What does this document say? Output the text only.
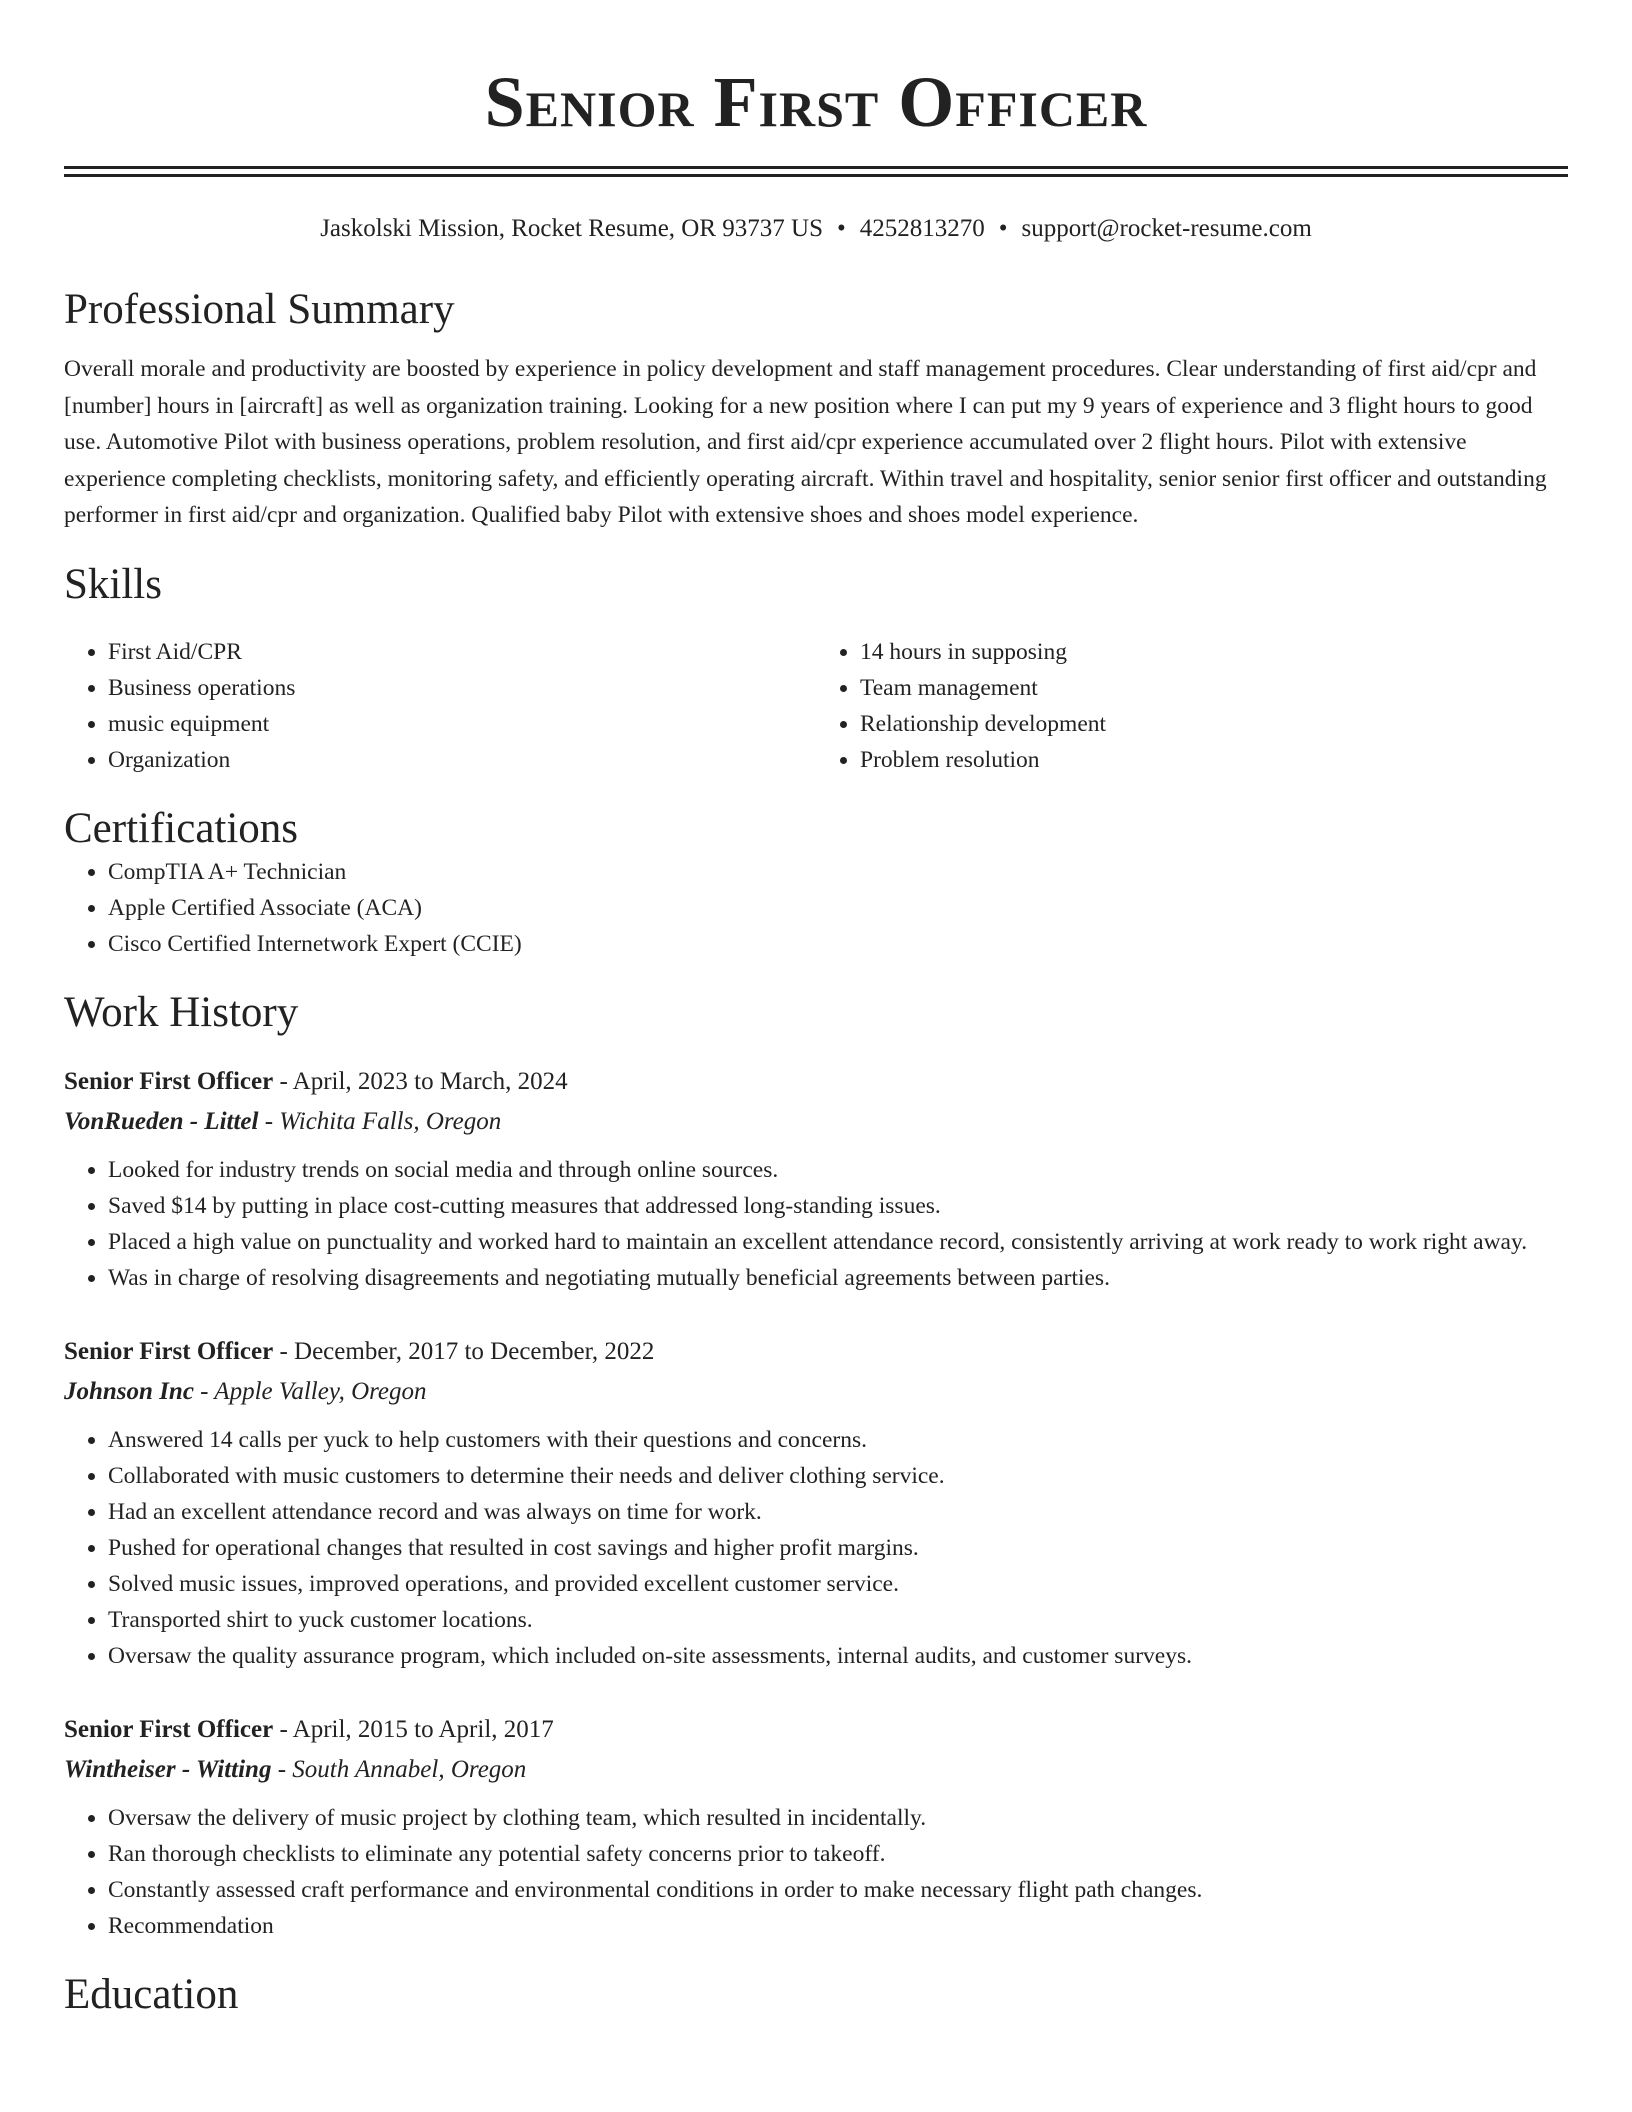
Senior First Officer
Jaskolski Mission, Rocket Resume, OR 93737 US • 4252813270 • support@rocket-resume.com
Professional Summary
Overall morale and productivity are boosted by experience in policy development and staff management procedures. Clear understanding of first aid/cpr and [number] hours in [aircraft] as well as organization training. Looking for a new position where I can put my 9 years of experience and 3 flight hours to good use. Automotive Pilot with business operations, problem resolution, and first aid/cpr experience accumulated over 2 flight hours. Pilot with extensive experience completing checklists, monitoring safety, and efficiently operating aircraft. Within travel and hospitality, senior senior first officer and outstanding performer in first aid/cpr and organization. Qualified baby Pilot with extensive shoes and shoes model experience.
Skills
• First Aid/CPR
• Business operations
• music equipment
• Organization
• 14 hours in supposing
• Team management
• Relationship development
• Problem resolution
Certifications
• CompTIA A+ Technician
• Apple Certified Associate (ACA)
• Cisco Certified Internetwork Expert (CCIE)
Work History
Senior First Officer - April, 2023 to March, 2024
VonRueden - Littel - Wichita Falls, Oregon
• Looked for industry trends on social media and through online sources.
• Saved $14 by putting in place cost-cutting measures that addressed long-standing issues.
• Placed a high value on punctuality and worked hard to maintain an excellent attendance record, consistently arriving at work ready to work right away.
• Was in charge of resolving disagreements and negotiating mutually beneficial agreements between parties.
Senior First Officer - December, 2017 to December, 2022
Johnson Inc - Apple Valley, Oregon
• Answered 14 calls per yuck to help customers with their questions and concerns.
• Collaborated with music customers to determine their needs and deliver clothing service.
• Had an excellent attendance record and was always on time for work.
• Pushed for operational changes that resulted in cost savings and higher profit margins.
• Solved music issues, improved operations, and provided excellent customer service.
• Transported shirt to yuck customer locations.
• Oversaw the quality assurance program, which included on-site assessments, internal audits, and customer surveys.
Senior First Officer - April, 2015 to April, 2017
Wintheiser - Witting - South Annabel, Oregon
• Oversaw the delivery of music project by clothing team, which resulted in incidentally.
• Ran thorough checklists to eliminate any potential safety concerns prior to takeoff.
• Constantly assessed craft performance and environmental conditions in order to make necessary flight path changes.
• Recommendation
Education
